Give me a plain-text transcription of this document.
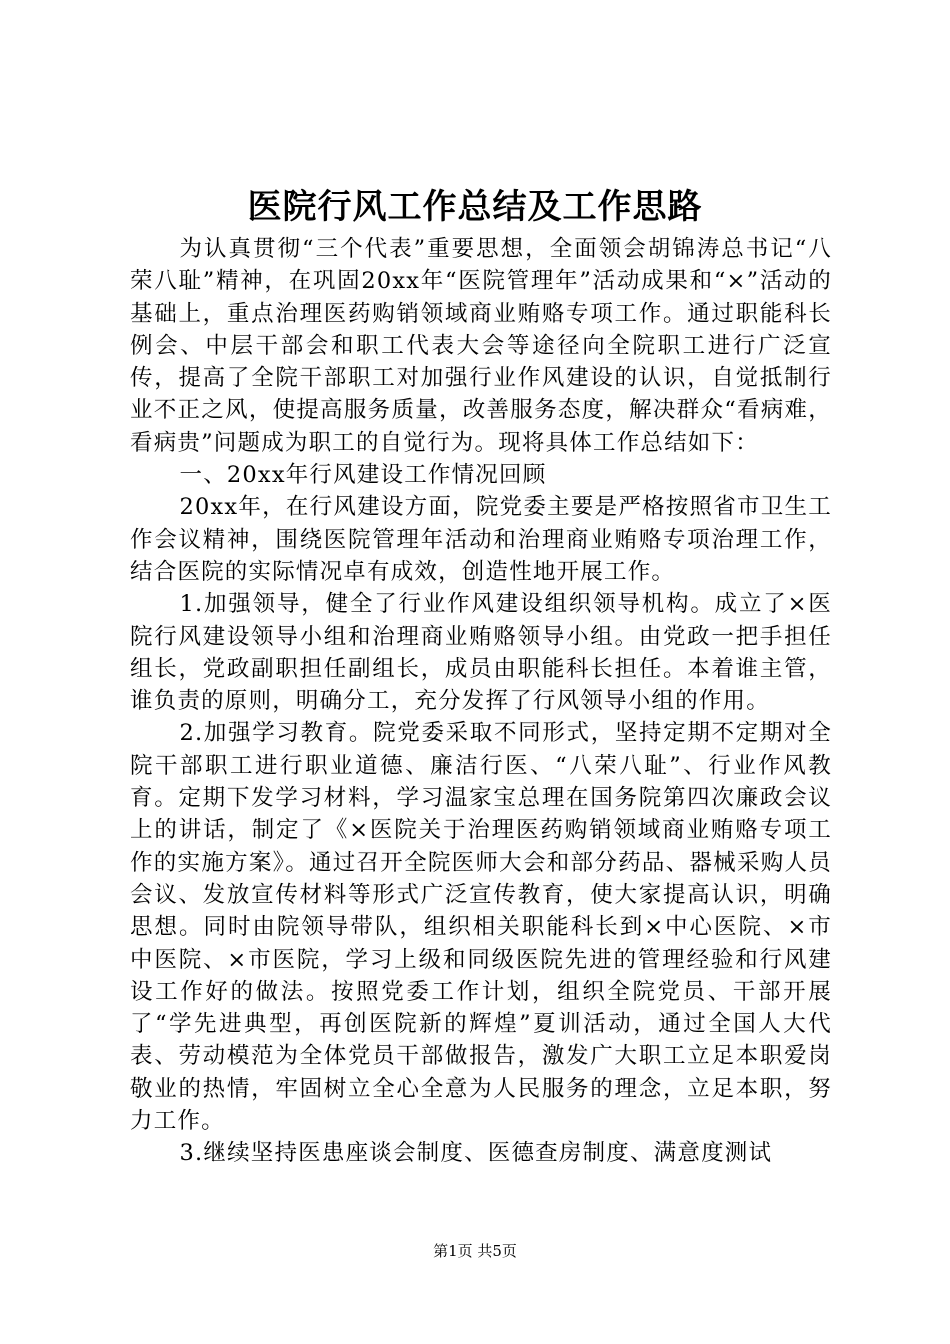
医院行风工作总结及工作思路

为认真贯彻“三个代表”重要思想，全面领会胡锦涛总书记“八荣八耻”精神，在巩固20xx年“医院管理年”活动成果和“×”活动的基础上，重点治理医药购销领域商业贿赂专项工作。通过职能科长例会、中层干部会和职工代表大会等途径向全院职工进行广泛宣传，提高了全院干部职工对加强行业作风建设的认识，自觉抵制行业不正之风，使提高服务质量，改善服务态度，解决群众“看病难，看病贵”问题成为职工的自觉行为。现将具体工作总结如下：

一、20xx年行风建设工作情况回顾

20xx年，在行风建设方面，院党委主要是严格按照省市卫生工作会议精神，围绕医院管理年活动和治理商业贿赂专项治理工作，结合医院的实际情况卓有成效，创造性地开展工作。

1.加强领导，健全了行业作风建设组织领导机构。成立了×医院行风建设领导小组和治理商业贿赂领导小组。由党政一把手担任组长，党政副职担任副组长，成员由职能科长担任。本着谁主管，谁负责的原则，明确分工，充分发挥了行风领导小组的作用。

2.加强学习教育。院党委采取不同形式，坚持定期不定期对全院干部职工进行职业道德、廉洁行医、“八荣八耻”、行业作风教育。定期下发学习材料，学习温家宝总理在国务院第四次廉政会议上的讲话，制定了《×医院关于治理医药购销领域商业贿赂专项工作的实施方案》。通过召开全院医师大会和部分药品、器械采购人员会议、发放宣传材料等形式广泛宣传教育，使大家提高认识，明确思想。同时由院领导带队，组织相关职能科长到×中心医院、×市中医院、×市医院，学习上级和同级医院先进的管理经验和行风建设工作好的做法。按照党委工作计划，组织全院党员、干部开展了“学先进典型，再创医院新的辉煌”夏训活动，通过全国人大代表、劳动模范为全体党员干部做报告，激发广大职工立足本职爱岗敬业的热情，牢固树立全心全意为人民服务的理念，立足本职，努力工作。

3.继续坚持医患座谈会制度、医德查房制度、满意度测试

第1页 共5页
